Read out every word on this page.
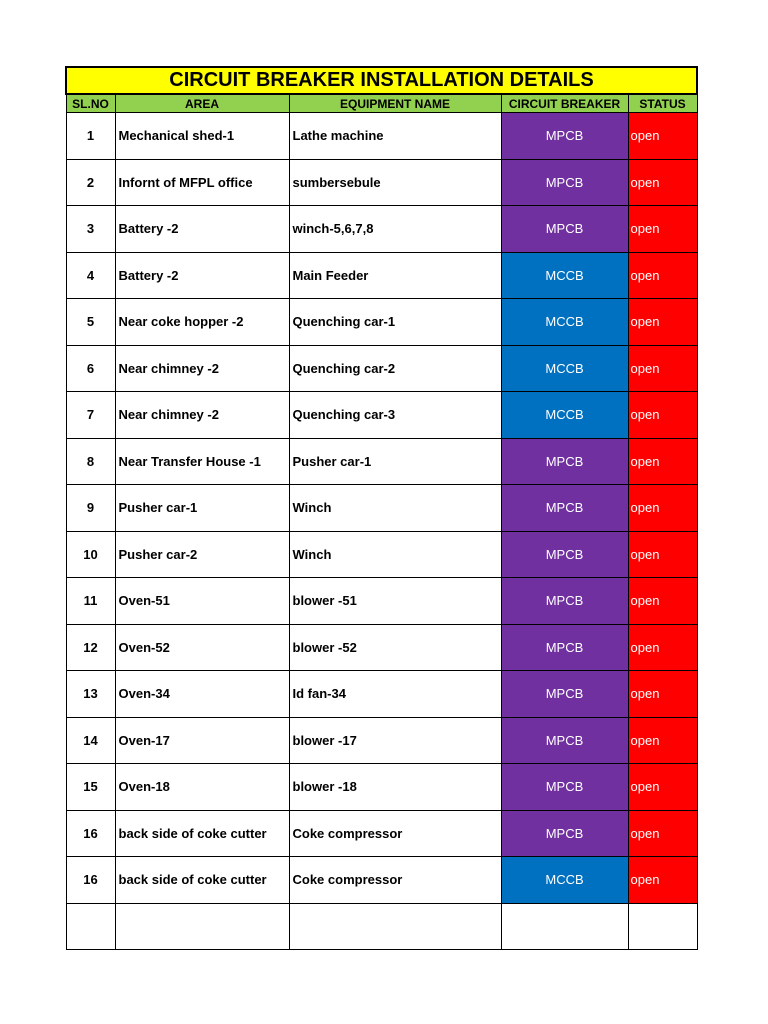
CIRCUIT BREAKER INSTALLATION DETAILS				
SL.NO	AREA	EQUIPMENT NAME	CIRCUIT BREAKER	STATUS
1	Mechanical shed-1	Lathe machine	MPCB	open
2	Infornt of MFPL office	sumbersebule	MPCB	open
3	Battery -2	winch-5,6,7,8	MPCB	open
4	Battery -2	Main Feeder	MCCB	open
5	Near coke hopper -2	Quenching car-1	MCCB	open
6	Near chimney -2	Quenching car-2	MCCB	open
7	Near chimney -2	Quenching car-3	MCCB	open
8	Near Transfer House -1	Pusher car-1	MPCB	open
9	Pusher car-1	Winch	MPCB	open
10	Pusher car-2	Winch	MPCB	open
11	Oven-51	blower -51	MPCB	open
12	Oven-52	blower -52	MPCB	open
13	Oven-34	Id fan-34	MPCB	open
14	Oven-17	blower -17	MPCB	open
15	Oven-18	blower -18	MPCB	open
16	back side of coke cutter	Coke compressor	MPCB	open
16	back side of coke cutter	Coke compressor	MCCB	open
